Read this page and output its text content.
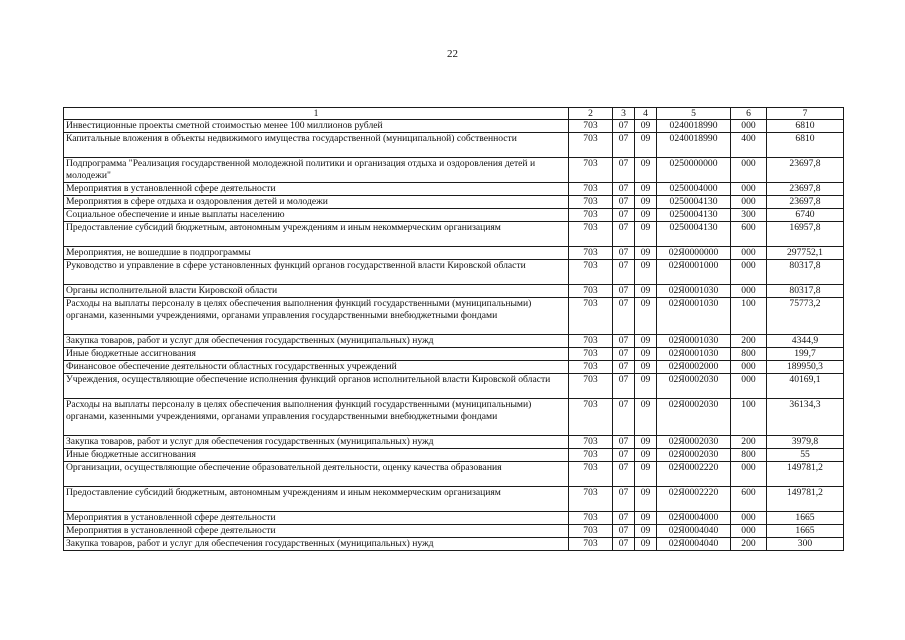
22
1	2	3	4	5	6	7
Инвестиционные проекты сметной стоимостью менее 100 миллионов рублей	703	07	09	0240018990	000	6810
Капитальные вложения в объекты недвижимого имущества государственной (муниципальной) собственности	703	07	09	0240018990	400	6810
Подпрограмма "Реализация государственной молодежной политики и организация отдыха и оздоровления детей и молодежи"	703	07	09	0250000000	000	23697,8
Мероприятия в установленной сфере деятельности	703	07	09	0250004000	000	23697,8
Мероприятия в сфере отдыха и оздоровления детей и молодежи	703	07	09	0250004130	000	23697,8
Социальное обеспечение и иные выплаты населению	703	07	09	0250004130	300	6740
Предоставление субсидий бюджетным, автономным учреждениям и иным некоммерческим организациям	703	07	09	0250004130	600	16957,8
Мероприятия, не вошедшие в подпрограммы	703	07	09	02Я0000000	000	297752,1
Руководство и управление в сфере установленных функций органов государственной власти Кировской области	703	07	09	02Я0001000	000	80317,8
Органы исполнительной власти Кировской области	703	07	09	02Я0001030	000	80317,8
Расходы на выплаты персоналу в целях обеспечения выполнения функций государственными (муниципальными) органами, казенными учреждениями, органами управления государственными внебюджетными фондами	703	07	09	02Я0001030	100	75773,2
Закупка товаров, работ и услуг для обеспечения государственных (муниципальных) нужд	703	07	09	02Я0001030	200	4344,9
Иные бюджетные ассигнования	703	07	09	02Я0001030	800	199,7
Финансовое обеспечение деятельности областных государственных учреждений	703	07	09	02Я0002000	000	189950,3
Учреждения, осуществляющие обеспечение исполнения функций органов исполнительной власти Кировской области	703	07	09	02Я0002030	000	40169,1
Расходы на выплаты персоналу в целях обеспечения выполнения функций государственными (муниципальными) органами, казенными учреждениями, органами управления государственными внебюджетными фондами	703	07	09	02Я0002030	100	36134,3
Закупка товаров, работ и услуг для обеспечения государственных (муниципальных) нужд	703	07	09	02Я0002030	200	3979,8
Иные бюджетные ассигнования	703	07	09	02Я0002030	800	55
Организации, осуществляющие обеспечение образовательной деятельности, оценку качества образования	703	07	09	02Я0002220	000	149781,2
Предоставление субсидий бюджетным, автономным учреждениям и иным некоммерческим организациям	703	07	09	02Я0002220	600	149781,2
Мероприятия в установленной сфере деятельности	703	07	09	02Я0004000	000	1665
Мероприятия в установленной сфере деятельности	703	07	09	02Я0004040	000	1665
Закупка товаров, работ и услуг для обеспечения государственных (муниципальных) нужд	703	07	09	02Я0004040	200	300
